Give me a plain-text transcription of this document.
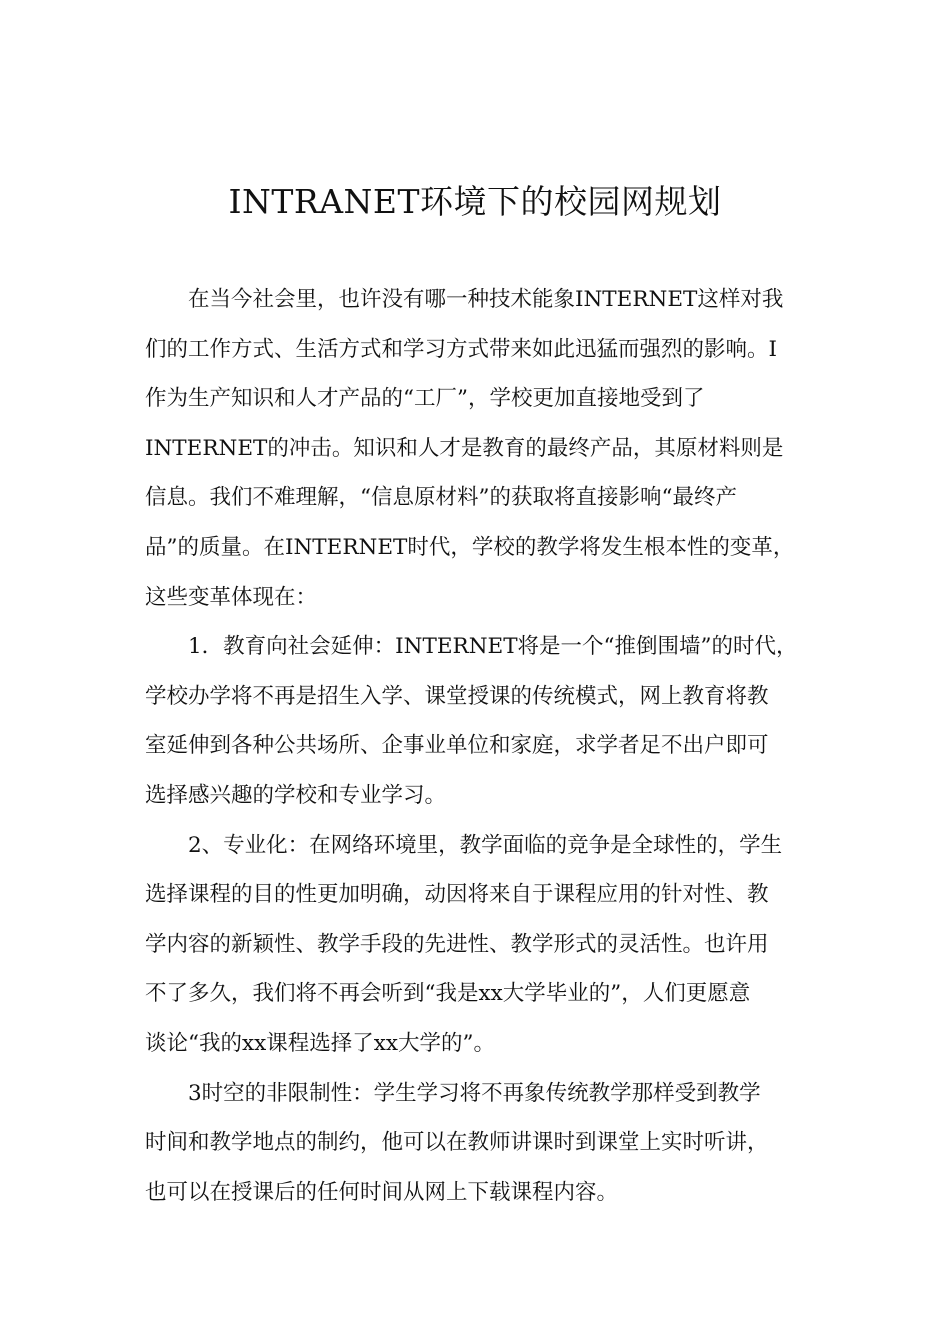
INTRANET环境下的校园网规划
在当今社会里，也许没有哪一种技术能象INTERNET这样对我
们的工作方式、生活方式和学习方式带来如此迅猛而强烈的影响。I
作为生产知识和人才产品的“工厂”，学校更加直接地受到了
INTERNET的冲击。知识和人才是教育的最终产品，其原材料则是
信息。我们不难理解，“信息原材料”的获取将直接影响“最终产
品”的质量。在INTERNET时代，学校的教学将发生根本性的变革，
这些变革体现在：
1．教育向社会延伸：INTERNET将是一个“推倒围墙”的时代，
学校办学将不再是招生入学、课堂授课的传统模式，网上教育将教
室延伸到各种公共场所、企事业单位和家庭，求学者足不出户即可
选择感兴趣的学校和专业学习。
2、专业化：在网络环境里，教学面临的竞争是全球性的，学生
选择课程的目的性更加明确，动因将来自于课程应用的针对性、教
学内容的新颖性、教学手段的先进性、教学形式的灵活性。也许用
不了多久，我们将不再会听到“我是xx大学毕业的”，人们更愿意
谈论“我的xx课程选择了xx大学的”。
3时空的非限制性：学生学习将不再象传统教学那样受到教学
时间和教学地点的制约，他可以在教师讲课时到课堂上实时听讲，
也可以在授课后的任何时间从网上下载课程内容。
